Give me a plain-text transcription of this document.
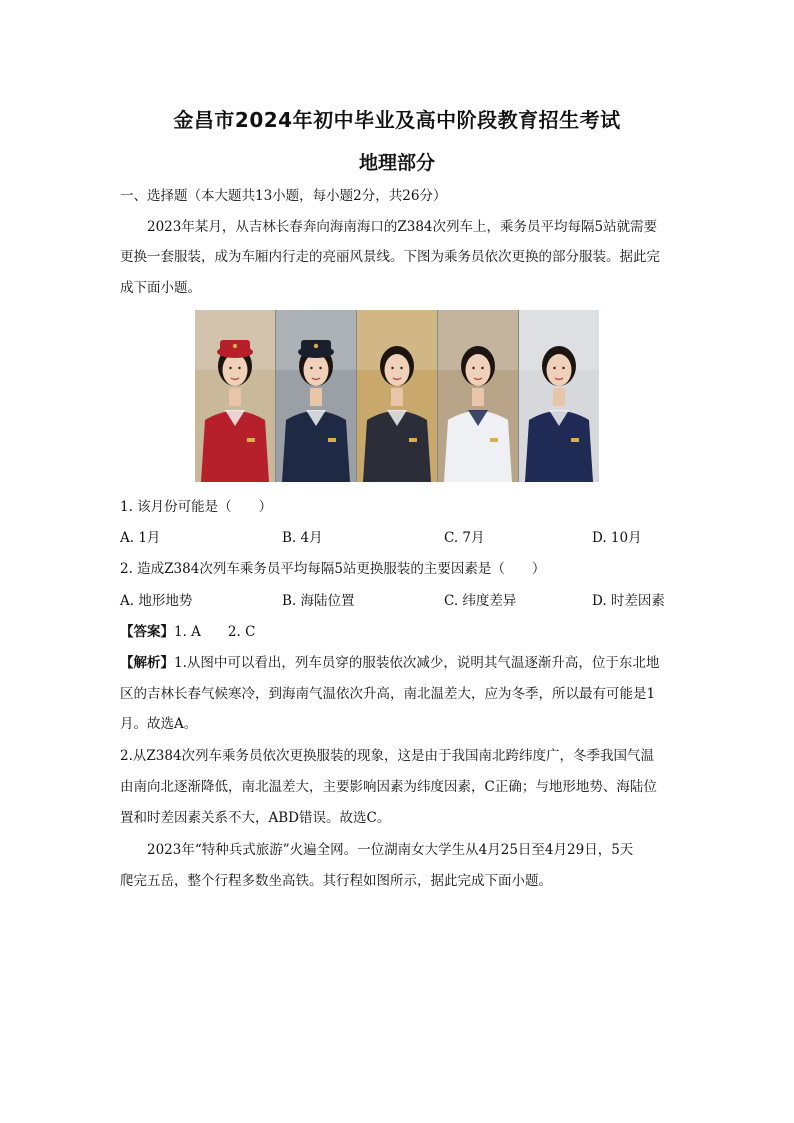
金昌市2024年初中毕业及高中阶段教育招生考试
地理部分
一、选择题（本大题共13小题，每小题2分，共26分）
2023年某月，从吉林长春奔向海南海口的Z384次列车上，乘务员平均每隔5站就需要
更换一套服装，成为车厢内行走的亮丽风景线。下图为乘务员依次更换的部分服装。据此完
成下面小题。
1. 该月份可能是（　　）
A. 1月	B. 4月	C. 7月	D. 10月
2. 造成Z384次列车乘务员平均每隔5站更换服装的主要因素是（　　）
A. 地形地势	B. 海陆位置	C. 纬度差异	D. 时差因素
【答案】1. A　　2. C
【解析】1.从图中可以看出，列车员穿的服装依次减少，说明其气温逐渐升高，位于东北地
区的吉林长春气候寒冷，到海南气温依次升高，南北温差大，应为冬季，所以最有可能是1
月。故选A。
2.从Z384次列车乘务员依次更换服装的现象，这是由于我国南北跨纬度广，冬季我国气温
由南向北逐渐降低，南北温差大，主要影响因素为纬度因素，C正确；与地形地势、海陆位
置和时差因素关系不大，ABD错误。故选C。
2023年“特种兵式旅游”火遍全网。一位湖南女大学生从4月25日至4月29日，5天
爬完五岳，整个行程多数坐高铁。其行程如图所示，据此完成下面小题。
